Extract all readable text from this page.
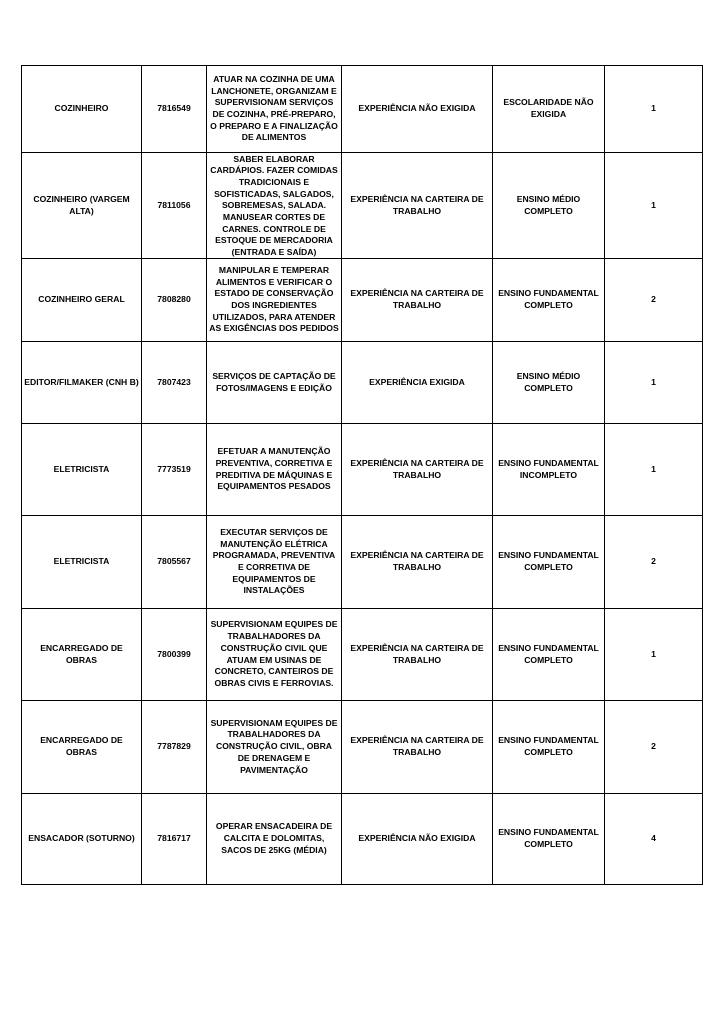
COZINHEIRO	7816549	ATUAR NA COZINHA DE UMA LANCHONETE, ORGANIZAM E SUPERVISIONAM SERVIÇOS DE COZINHA, PRÉ-PREPARO, O PREPARO E A FINALIZAÇÃO DE ALIMENTOS	EXPERIÊNCIA NÃO EXIGIDA	ESCOLARIDADE NÃO EXIGIDA	1
COZINHEIRO (VARGEM ALTA)	7811056	SABER ELABORAR CARDÁPIOS. FAZER COMIDAS TRADICIONAIS E SOFISTICADAS, SALGADOS, SOBREMESAS, SALADA. MANUSEAR CORTES DE CARNES. CONTROLE DE ESTOQUE DE MERCADORIA (ENTRADA E SAÍDA)	EXPERIÊNCIA NA CARTEIRA DE TRABALHO	ENSINO MÉDIO COMPLETO	1
COZINHEIRO GERAL	7808280	MANIPULAR E TEMPERAR ALIMENTOS E VERIFICAR O ESTADO DE CONSERVAÇÃO DOS INGREDIENTES UTILIZADOS, PARA ATENDER AS EXIGÊNCIAS DOS PEDIDOS	EXPERIÊNCIA NA CARTEIRA DE TRABALHO	ENSINO FUNDAMENTAL COMPLETO	2
EDITOR/FILMAKER (CNH B)	7807423	SERVIÇOS DE CAPTAÇÃO DE FOTOS/IMAGENS E EDIÇÃO	EXPERIÊNCIA EXIGIDA	ENSINO MÉDIO COMPLETO	1
ELETRICISTA	7773519	EFETUAR A MANUTENÇÃO PREVENTIVA, CORRETIVA E PREDITIVA DE MÁQUINAS E EQUIPAMENTOS PESADOS	EXPERIÊNCIA NA CARTEIRA DE TRABALHO	ENSINO FUNDAMENTAL INCOMPLETO	1
ELETRICISTA	7805567	EXECUTAR SERVIÇOS DE MANUTENÇÃO ELÉTRICA PROGRAMADA, PREVENTIVA E CORRETIVA DE EQUIPAMENTOS DE INSTALAÇÕES	EXPERIÊNCIA NA CARTEIRA DE TRABALHO	ENSINO FUNDAMENTAL COMPLETO	2
ENCARREGADO DE OBRAS	7800399	SUPERVISIONAM EQUIPES DE TRABALHADORES DA CONSTRUÇÃO CIVIL QUE ATUAM EM USINAS DE CONCRETO, CANTEIROS DE OBRAS CIVIS E FERROVIAS.	EXPERIÊNCIA NA CARTEIRA DE TRABALHO	ENSINO FUNDAMENTAL COMPLETO	1
ENCARREGADO DE OBRAS	7787829	SUPERVISIONAM EQUIPES DE TRABALHADORES DA CONSTRUÇÃO CIVIL, OBRA DE DRENAGEM E PAVIMENTAÇÃO	EXPERIÊNCIA NA CARTEIRA DE TRABALHO	ENSINO FUNDAMENTAL COMPLETO	2
ENSACADOR (SOTURNO)	7816717	OPERAR ENSACADEIRA DE CALCITA E DOLOMITAS, SACOS DE 25KG (MÉDIA)	EXPERIÊNCIA NÃO EXIGIDA	ENSINO FUNDAMENTAL COMPLETO	4
